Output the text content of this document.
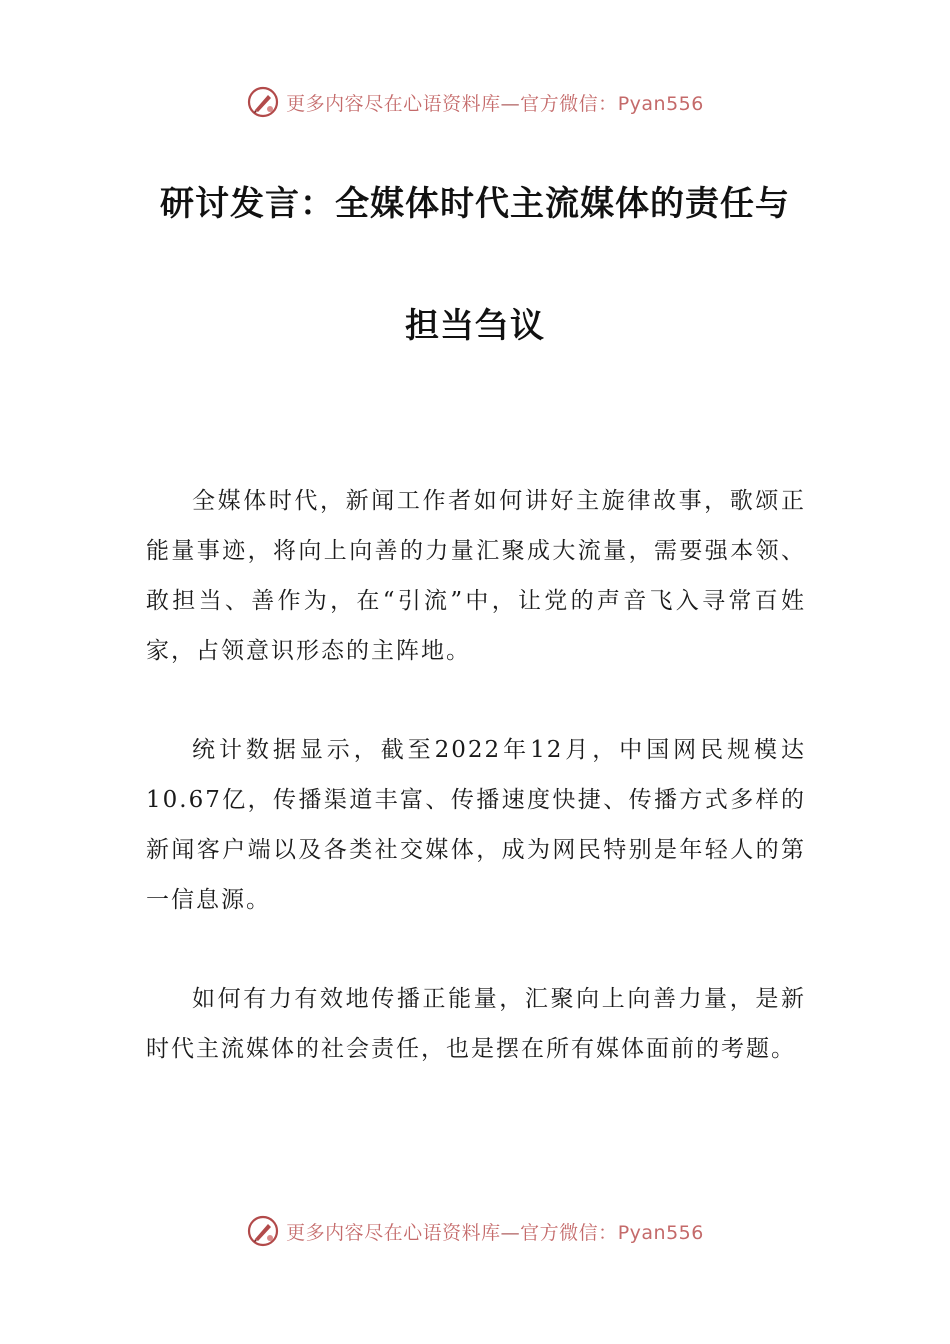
更多内容尽在心语资料库—官方微信：Pyan556
研讨发言：全媒体时代主流媒体的责任与
担当刍议

全媒体时代，新闻工作者如何讲好主旋律故事，歌颂正能量事迹，将向上向善的力量汇聚成大流量，需要强本领、敢担当、善作为，在“引流”中，让党的声音飞入寻常百姓家，占领意识形态的主阵地。

统计数据显示，截至2022年12月，中国网民规模达10.67亿，传播渠道丰富、传播速度快捷、传播方式多样的新闻客户端以及各类社交媒体，成为网民特别是年轻人的第一信息源。

如何有力有效地传播正能量，汇聚向上向善力量，是新时代主流媒体的社会责任，也是摆在所有媒体面前的考题。

更多内容尽在心语资料库—官方微信：Pyan556
